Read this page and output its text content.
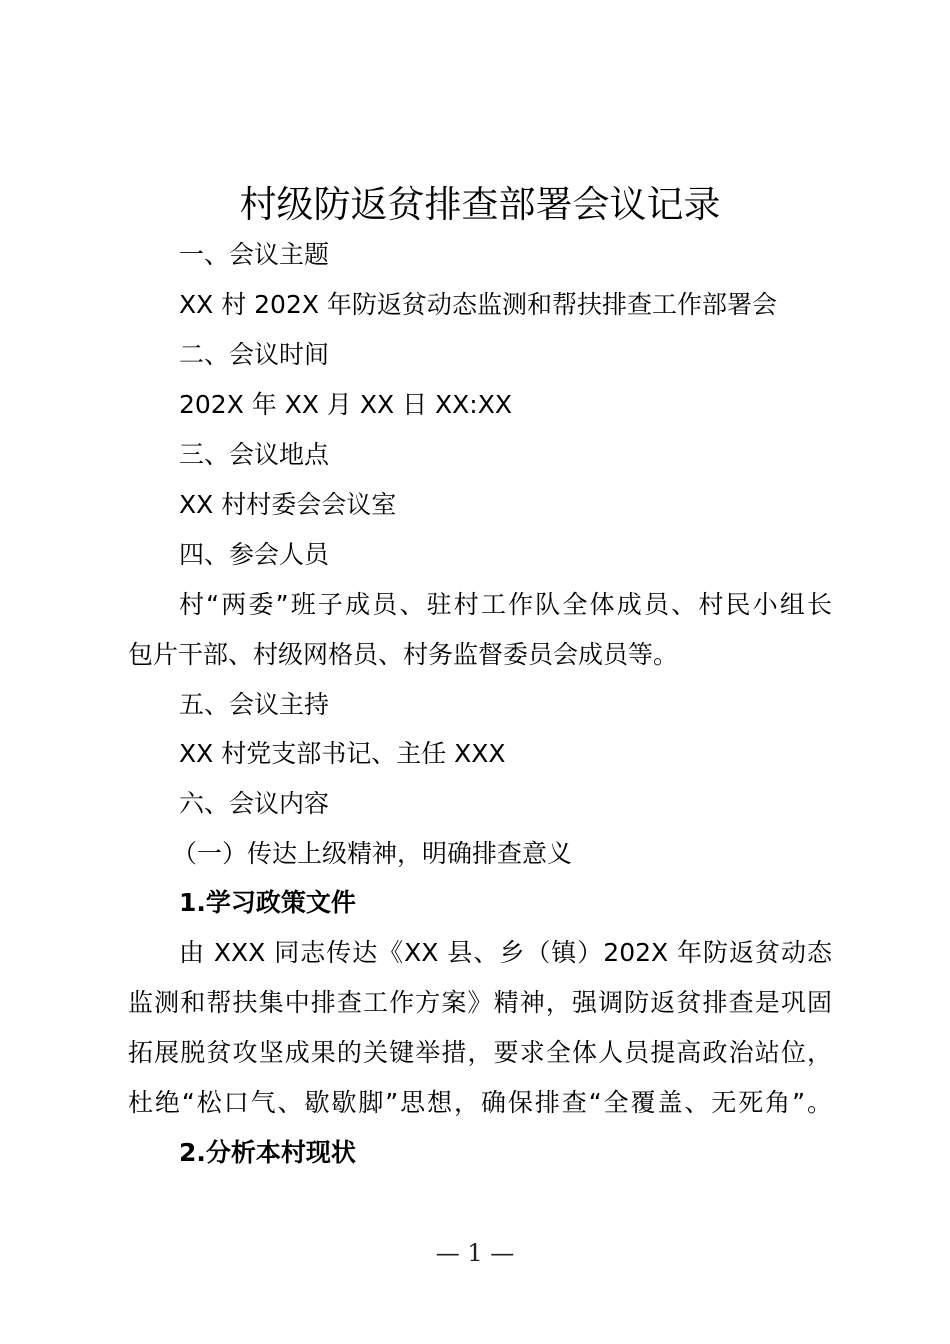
村级防返贫排查部署会议记录
一、会议主题
XX 村 202X 年防返贫动态监测和帮扶排查工作部署会
二、会议时间
202X 年 XX 月 XX 日 XX:XX
三、会议地点
XX 村村委会会议室
四、参会人员
村“两委”班子成员、驻村工作队全体成员、村民小组长
包片干部、村级网格员、村务监督委员会成员等。
五、会议主持
XX 村党支部书记、主任 XXX
六、会议内容
（一）传达上级精神，明确排查意义
1.学习政策文件
由 XXX 同志传达《XX 县、乡（镇）202X 年防返贫动态
监测和帮扶集中排查工作方案》精神，强调防返贫排查是巩固
拓展脱贫攻坚成果的关键举措，要求全体人员提高政治站位，
杜绝“松口气、歇歇脚”思想，确保排查“全覆盖、无死角”。
2.分析本村现状
— 1 —
